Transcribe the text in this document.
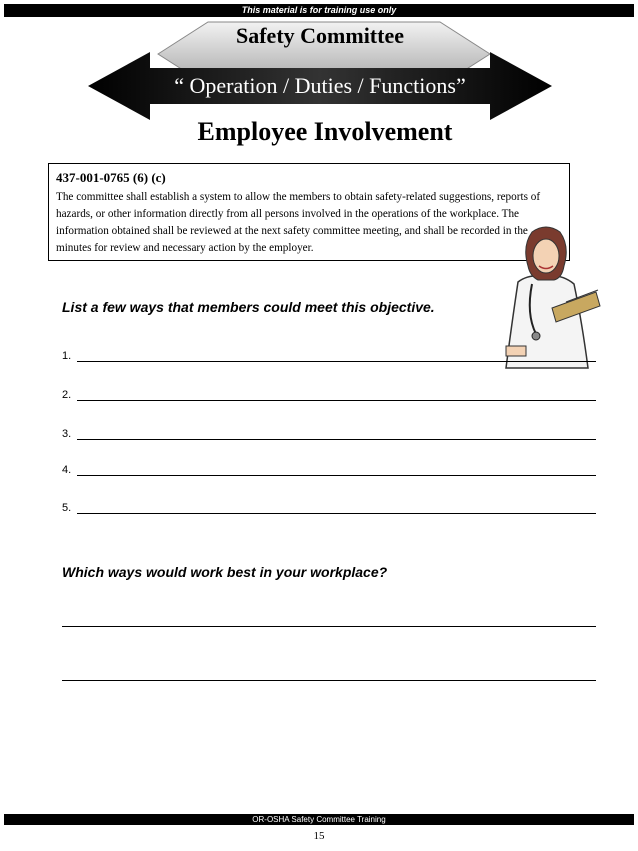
This material is for training use only
Safety Committee
“ Operation / Duties / Functions”
Employee Involvement
437-001-0765 (6) (c)
The committee shall establish a system to allow the members to obtain safety-related suggestions, reports of hazards, or other information directly from all persons involved in the operations of the workplace. The information obtained shall be reviewed at the next safety committee meeting, and shall be recorded in the minutes for review and necessary action by the employer.
List a few ways that members could meet this objective.
1.
2.
3.
4.
5.
Which ways would work best in your workplace?
OR-OSHA Safety Committee Training
15
